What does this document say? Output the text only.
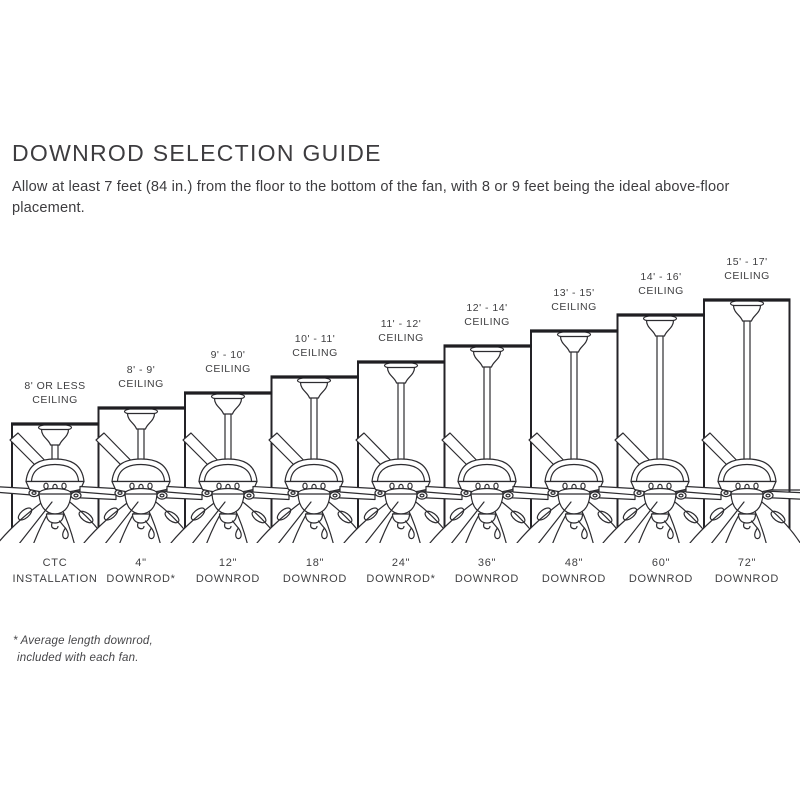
DOWNROD SELECTION GUIDE

Allow at least 7 feet (84 in.) from the floor to the bottom of the fan, with 8 or 9 feet being the ideal above-floor placement.

8' OR LESS
CEILING
8' - 9'
CEILING
9' - 10'
CEILING
10' - 11'
CEILING
11' - 12'
CEILING
12' - 14'
CEILING
13' - 15'
CEILING
14' - 16'
CEILING
15' - 17'
CEILING
CTC
INSTALLATION
4"
DOWNROD*
12"
DOWNROD
18"
DOWNROD
24"
DOWNROD*
36"
DOWNROD
48"
DOWNROD
60"
DOWNROD
72"
DOWNROD

* Average length downrod,
included with each fan.
